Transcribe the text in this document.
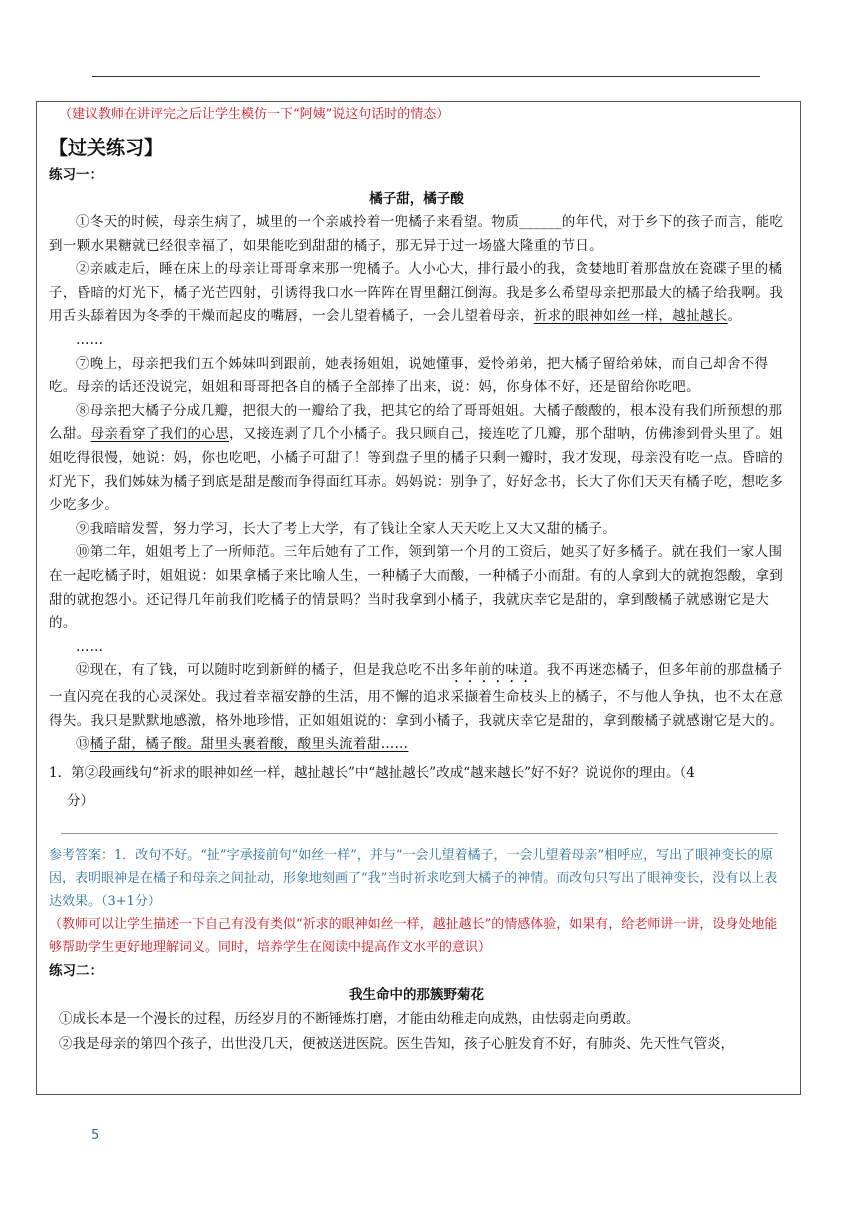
（建议教师在讲评完之后让学生模仿一下“阿姨”说这句话时的情态）

【过关练习】

练习一：

橘子甜，橘子酸

①冬天的时候，母亲生病了，城里的一个亲戚拎着一兜橘子来看望。物质______的年代，对于乡下的孩子而言，能吃到一颗水果糖就已经很幸福了，如果能吃到甜甜的橘子，那无异于过一场盛大隆重的节日。

②亲戚走后，睡在床上的母亲让哥哥拿来那一兜橘子。人小心大，排行最小的我，贪婪地盯着那盘放在瓷碟子里的橘子，昏暗的灯光下，橘子光芒四射，引诱得我口水一阵阵在胃里翻江倒海。我是多么希望母亲把那最大的橘子给我啊。我用舌头舔着因为冬季的干燥而起皮的嘴唇，一会儿望着橘子，一会儿望着母亲，祈求的眼神如丝一样，越扯越长。

……

⑦晚上，母亲把我们五个姊妹叫到跟前，她表扬姐姐，说她懂事，爱怜弟弟，把大橘子留给弟妹，而自己却舍不得吃。母亲的话还没说完，姐姐和哥哥把各自的橘子全部捧了出来，说：妈，你身体不好，还是留给你吃吧。

⑧母亲把大橘子分成几瓣，把很大的一瓣给了我，把其它的给了哥哥姐姐。大橘子酸酸的，根本没有我们所预想的那么甜。母亲看穿了我们的心思，又接连剥了几个小橘子。我只顾自己，接连吃了几瓣，那个甜呐，仿佛渗到骨头里了。姐姐吃得很慢，她说：妈，你也吃吧，小橘子可甜了！等到盘子里的橘子只剩一瓣时，我才发现，母亲没有吃一点。昏暗的灯光下，我们姊妹为橘子到底是甜是酸而争得面红耳赤。妈妈说：别争了，好好念书，长大了你们天天有橘子吃，想吃多少吃多少。

⑨我暗暗发誓，努力学习，长大了考上大学，有了钱让全家人天天吃上又大又甜的橘子。

⑩第二年，姐姐考上了一所师范。三年后她有了工作，领到第一个月的工资后，她买了好多橘子。就在我们一家人围在一起吃橘子时，姐姐说：如果拿橘子来比喻人生，一种橘子大而酸，一种橘子小而甜。有的人拿到大的就抱怨酸，拿到甜的就抱怨小。还记得几年前我们吃橘子的情景吗？当时我拿到小橘子，我就庆幸它是甜的，拿到酸橘子就感谢它是大的。

……

⑫现在，有了钱，可以随时吃到新鲜的橘子，但是我总吃不出多年前的味道。我不再迷恋橘子，但多年前的那盘橘子一直闪亮在我的心灵深处。我过着幸福安静的生活，用不懈的追求采撷着生命枝头上的橘子，不与他人争执，也不太在意得失。我只是默默地感激，格外地珍惜，正如姐姐说的：拿到小橘子，我就庆幸它是甜的，拿到酸橘子就感谢它是大的。

⑬橘子甜，橘子酸。甜里头裹着酸，酸里头流着甜……

1．第②段画线句“祈求的眼神如丝一样，越扯越长”中“越扯越长”改成“越来越长”好不好？说说你的理由。（4

分）

参考答案：1．改句不好。“扯”字承接前句“如丝一样”，并与“一会儿望着橘子，一会儿望着母亲”相呼应，写出了眼神变长的原因，表明眼神是在橘子和母亲之间扯动，形象地刻画了“我”当时祈求吃到大橘子的神情。而改句只写出了眼神变长，没有以上表达效果。（3+1分）

（教师可以让学生描述一下自己有没有类似“祈求的眼神如丝一样，越扯越长”的情感体验，如果有，给老师讲一讲，设身处地能够帮助学生更好地理解词义。同时，培养学生在阅读中提高作文水平的意识）

练习二：

我生命中的那簇野菊花

①成长本是一个漫长的过程，历经岁月的不断锤炼打磨，才能由幼稚走向成熟，由怯弱走向勇敢。

②我是母亲的第四个孩子，出世没几天，便被送进医院。医生告知，孩子心脏发育不好，有肺炎、先天性气管炎，

5
